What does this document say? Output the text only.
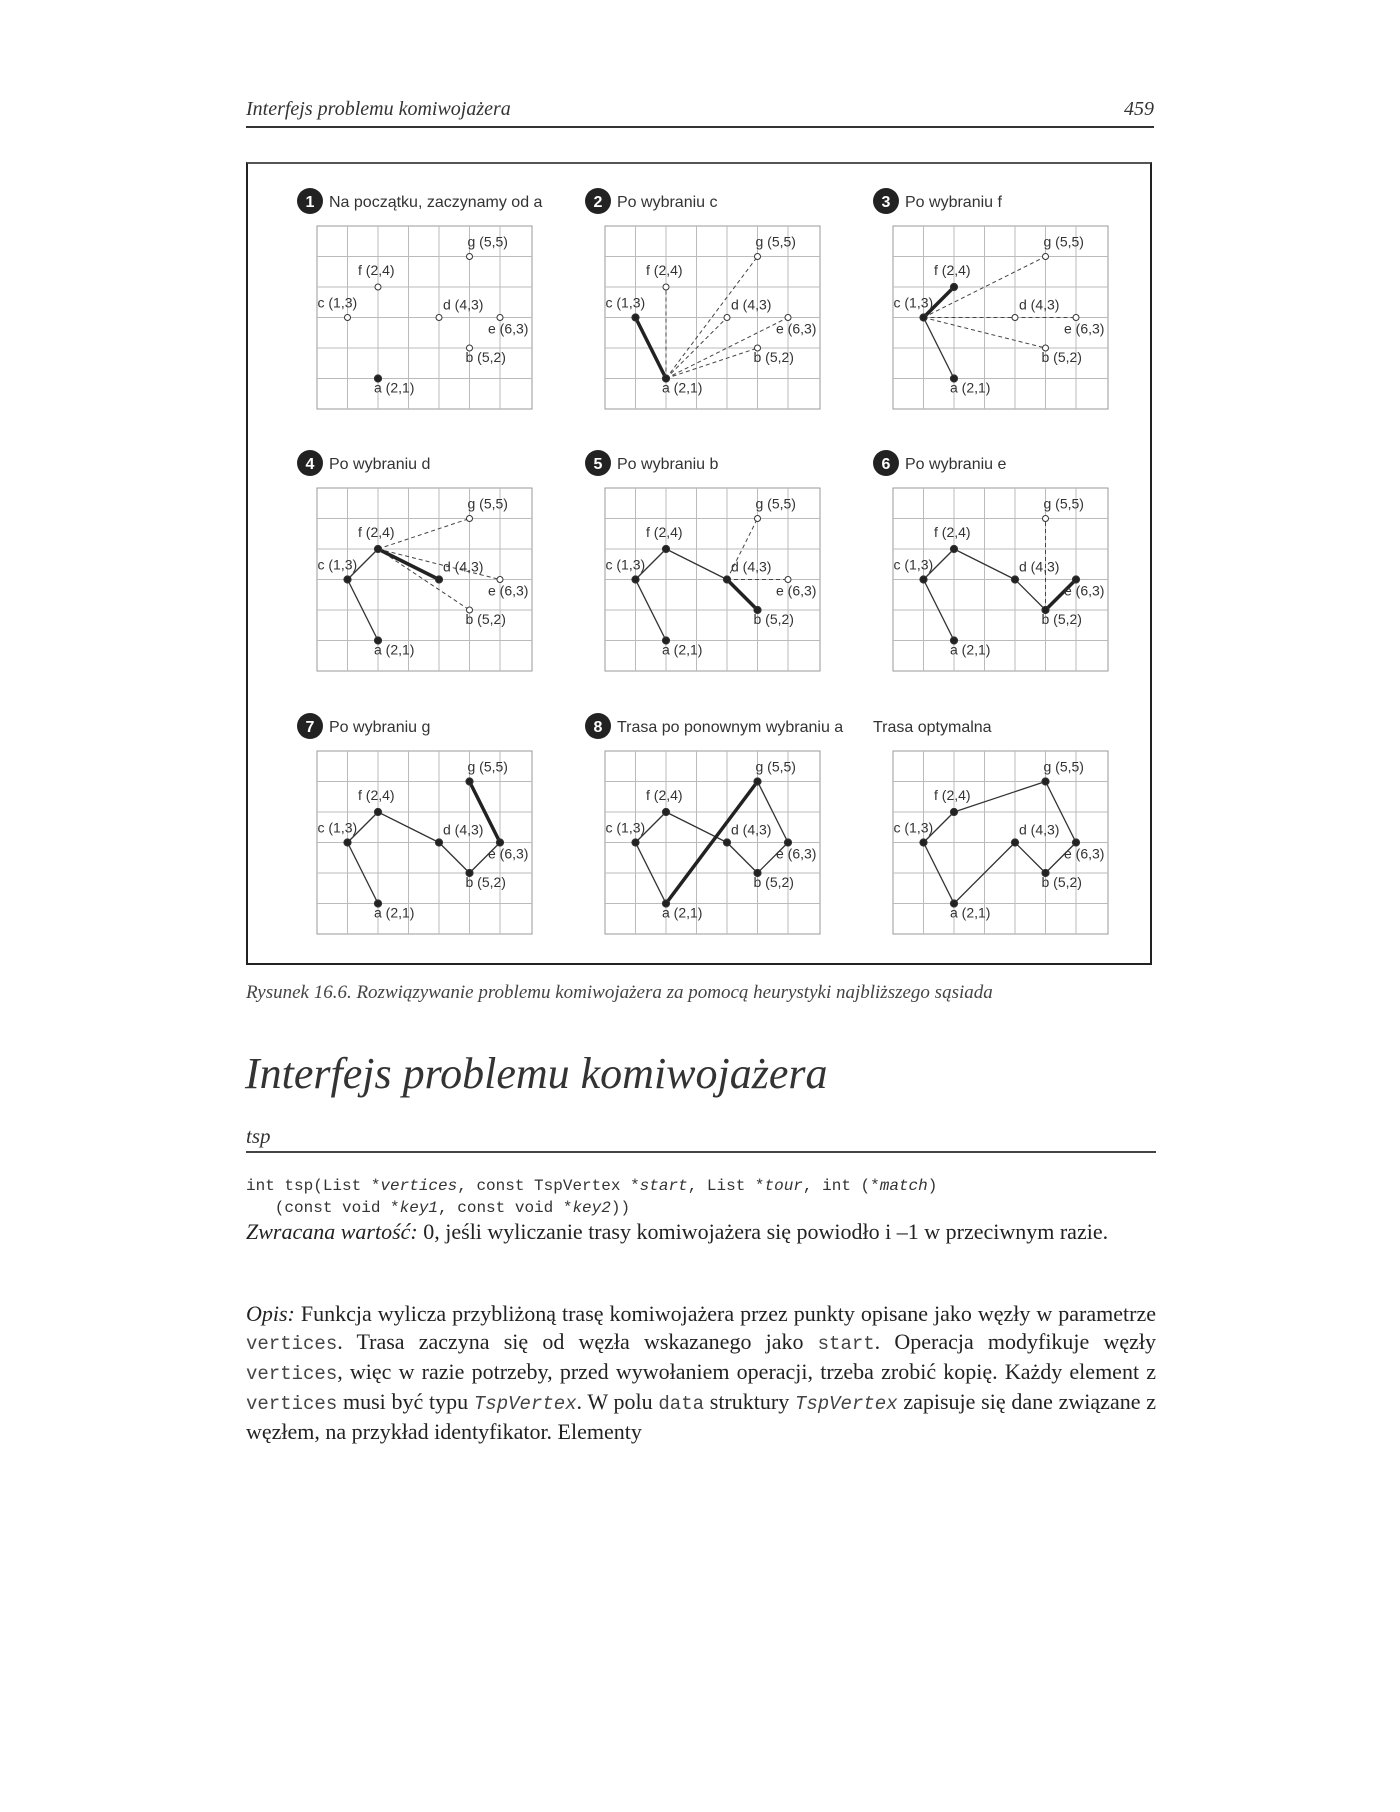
Interfejs problemu komiwojażera	459
1 Na początku, zaczynamy od a
a (2,1)
b (5,2)
c (1,3)	d (4,3)
e (6,3)
f (2,4)
g (5,5)
2 Po wybraniu c
a (2,1)
b (5,2)
c (1,3)	d (4,3)
e (6,3)
f (2,4)
g (5,5)
3 Po wybraniu f
a (2,1)
b (5,2)
c (1,3)	d (4,3)
e (6,3)
f (2,4)
g (5,5)
4 Po wybraniu d
a (2,1)
b (5,2)
c (1,3)	d (4,3)
e (6,3)
f (2,4)
g (5,5)
5 Po wybraniu b
a (2,1)
b (5,2)
c (1,3)	d (4,3)
e (6,3)
f (2,4)
g (5,5)
6 Po wybraniu e
a (2,1)
b (5,2)
c (1,3)	d (4,3)
e (6,3)
f (2,4)
g (5,5)
7 Po wybraniu g
a (2,1)
b (5,2)
c (1,3)	d (4,3)
e (6,3)
f (2,4)
g (5,5)
8 Trasa po ponownym wybraniu a
a (2,1)
b (5,2)
c (1,3)	d (4,3)
e (6,3)
f (2,4)
g (5,5)
Trasa optymalna
a (2,1)
b (5,2)
c (1,3)	d (4,3)
e (6,3)
f (2,4)
g (5,5)
Rysunek 16.6. Rozwiązywanie problemu komiwojażera za pomocą heurystyki najbliższego sąsiada
Interfejs problemu komiwojażera
tsp
int tsp(List *vertices, const TspVertex *start, List *tour, int (*match)
(const void *key1, const void *key2))

Zwracana wartość: 0, jeśli wyliczanie trasy komiwojażera się powiodło i –1 w przeciwnym razie.

Opis: Funkcja wylicza przybliżoną trasę komiwojażera przez punkty opisane jako węzły w parametrze vertices. Trasa zaczyna się od węzła wskazanego jako start. Operacja modyfikuje węzły vertices, więc w razie potrzeby, przed wywołaniem operacji, trzeba zrobić kopię. Każdy element z vertices musi być typu TspVertex. W polu data struktury TspVertex zapisuje się dane związane z węzłem, na przykład identyfikator. Elementy
